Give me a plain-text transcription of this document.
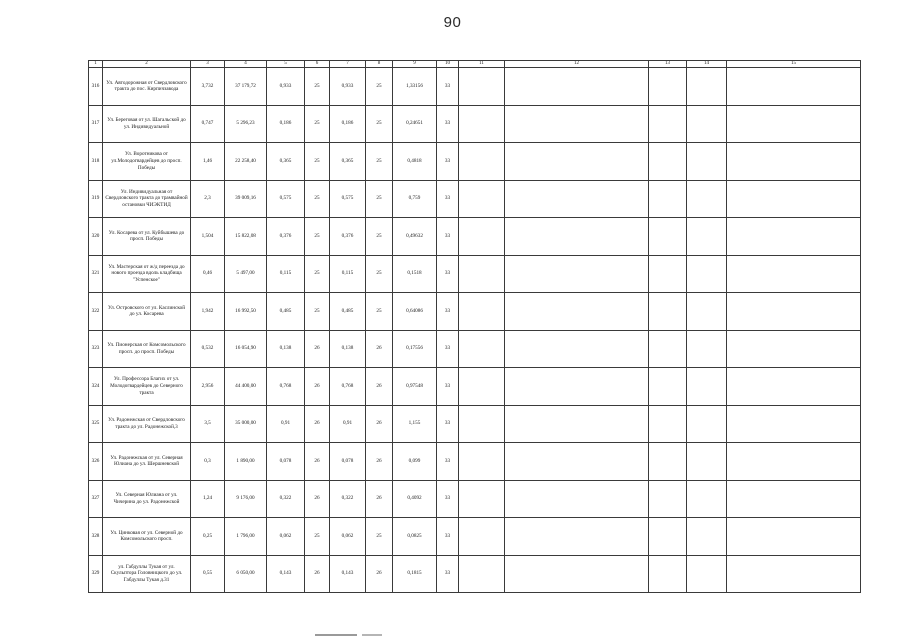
90
1	2	3	4	5	6	7	8	9	10	11	12	13	14	15
316	Ул. Автодорожная от Свердловского тракта до пос. Кирпичзавода	3,732	37 179,72	0,933	25	0,933	25	1,33156	33					
317	Ул. Береговая от ул. Шагальской до ул. Индивидуальной	0,747	5 296,23	0,186	25	0,186	25	0,24651	33					
318	Ул. Воротникова от ул.Молодогвардейцев до просп. Победы	1,46	22 258,40	0,365	25	0,365	25	0,4818	33					
319	Ул. Индивидуальная от Свердловского тракта до трамвайной остановки ЧИЭКТИД	2,3	39 009,16	0,575	25	0,575	25	0,759	33					
320	Ул. Косарева от ул. Куйбышева до просп. Победы	1,504	15 822,08	0,376	25	0,376	25	0,49632	33					
321	Ул. Мастерская от ж/д переезда до нового проезда вдоль кладбища "Успенское"	0,46	5 497,00	0,115	25	0,115	25	0,1518	33					
322	Ул. Островского от ул. Каслинской до ул. Косарева	1,942	16 992,50	0,485	25	0,485	25	0,64086	33					
323	Ул. Пионерская от Комсомольского просп. до просп. Победы	0,532	16 054,90	0,138	26	0,138	26	0,17556	33					
324	Ул. Профессора Благих от ул. Молодогвардейцев до Северного тракта	2,956	44 400,00	0,768	26	0,768	26	0,97548	33					
325	Ул. Радонежская от Свердловского тракта до ул. Радонежской,3	3,5	35 000,00	0,91	26	0,91	26	1,155	33					
326	Ул. Радонежская от ул. Северная Юлиана до ул. Шершневской	0,3	1 890,00	0,078	26	0,078	26	0,099	33					
327	Ул. Северная Юлиана от ул. Чичерина до ул. Радонежской	1,24	9 176,00	0,322	26	0,322	26	0,4092	33					
328	Ул. Цинковая от ул. Северной до Комсомольского просп.	0,25	1 796,00	0,062	25	0,062	25	0,0825	33					
329	ул. Габдуллы Тукая от ул. Скульптора Головницкого до ул. Габдуллы Тукая д.31	0,55	6 050,00	0,143	26	0,143	26	0,1815	33					
